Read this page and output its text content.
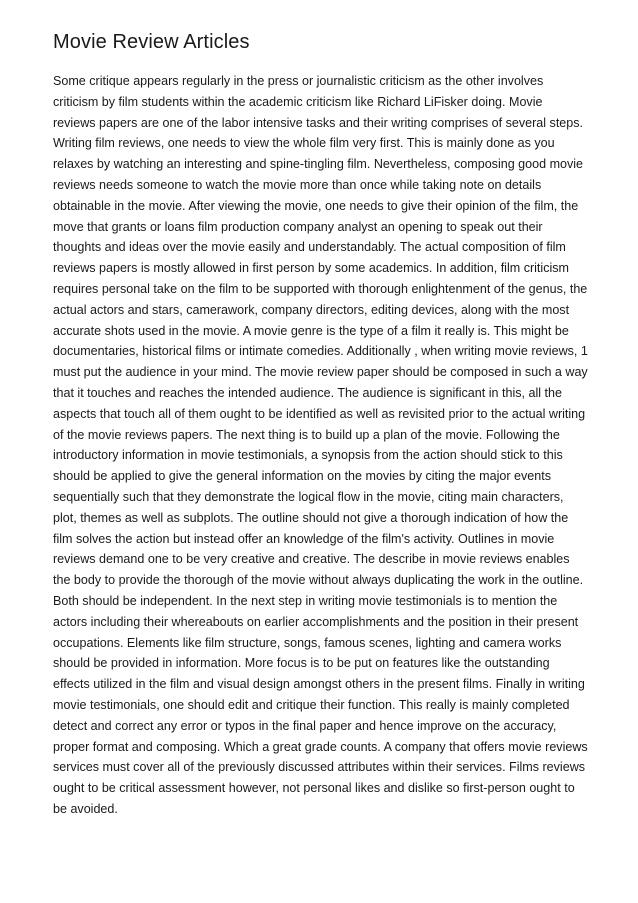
Movie Review Articles

Some critique appears regularly in the press or journalistic criticism as the other involves criticism by film students within the academic criticism like Richard LiFisker doing. Movie reviews papers are one of the labor intensive tasks and their writing comprises of several steps. Writing film reviews, one needs to view the whole film very first. This is mainly done as you relaxes by watching an interesting and spine-tingling film. Nevertheless, composing good movie reviews needs someone to watch the movie more than once while taking note on details obtainable in the movie. After viewing the movie, one needs to give their opinion of the film, the move that grants or loans film production company analyst an opening to speak out their thoughts and ideas over the movie easily and understandably. The actual composition of film reviews papers is mostly allowed in first person by some academics. In addition, film criticism requires personal take on the film to be supported with thorough enlightenment of the genus, the actual actors and stars, camerawork, company directors, editing devices, along with the most accurate shots used in the movie. A movie genre is the type of a film it really is. This might be documentaries, historical films or intimate comedies. Additionally , when writing movie reviews, 1 must put the audience in your mind. The movie review paper should be composed in such a way that it touches and reaches the intended audience. The audience is significant in this, all the aspects that touch all of them ought to be identified as well as revisited prior to the actual writing of the movie reviews papers. The next thing is to build up a plan of the movie. Following the introductory information in movie testimonials, a synopsis from the action should stick to this should be applied to give the general information on the movies by citing the major events sequentially such that they demonstrate the logical flow in the movie, citing main characters, plot, themes as well as subplots. The outline should not give a thorough indication of how the film solves the action but instead offer an knowledge of the film's activity. Outlines in movie reviews demand one to be very creative and creative. The describe in movie reviews enables the body to provide the thorough of the movie without always duplicating the work in the outline. Both should be independent. In the next step in writing movie testimonials is to mention the actors including their whereabouts on earlier accomplishments and the position in their present occupations. Elements like film structure, songs, famous scenes, lighting and camera works should be provided in information. More focus is to be put on features like the outstanding effects utilized in the film and visual design amongst others in the present films. Finally in writing movie testimonials, one should edit and critique their function. This really is mainly completed detect and correct any error or typos in the final paper and hence improve on the accuracy, proper format and composing. Which a great grade counts. A company that offers movie reviews services must cover all of the previously discussed attributes within their services. Films reviews ought to be critical assessment however, not personal likes and dislike so first-person ought to be avoided.
